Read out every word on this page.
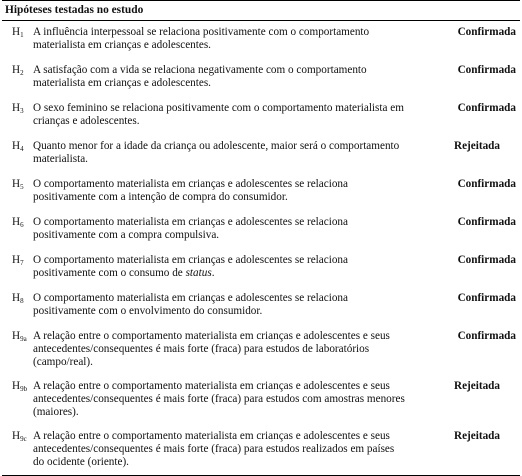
Hipóteses testadas no estudo
$H_1$ A influência interpessoal se relaciona positivamente com o comportamento materialista em crianças e adolescentes.
Confirmada
$H_2$ A satisfação com a vida se relaciona negativamente com o comportamento materialista em crianças e adolescentes.
Confirmada
$H_3$ O sexo feminino se relaciona positivamente com o comportamento materialista em crianças e adolescentes.
Confirmada
$H_4$ Quanto menor for a idade da criança ou adolescente, maior será o comportamento materialista.
Rejeitada
$H_5$ O comportamento materialista em crianças e adolescentes se relaciona positivamente com a intenção de compra do consumidor.
Confirmada
$H_6$ O comportamento materialista em crianças e adolescentes se relaciona positivamente com a compra compulsiva.
Confirmada
$H_7$ O comportamento materialista em crianças e adolescentes se relaciona positivamente com o consumo de status.
Confirmada
$H_8$ O comportamento materialista em crianças e adolescentes se relaciona positivamente com o envolvimento do consumidor.
Confirmada
$H_{9a}$ A relação entre o comportamento materialista em crianças e adolescentes e seus antecedentes/consequentes é mais forte (fraca) para estudos de laboratórios (campo/real).
Confirmada
$H_{9b}$ A relação entre o comportamento materialista em crianças e adolescentes e seus antecedentes/consequentes é mais forte (fraca) para estudos com amostras menores (maiores).
Rejeitada
$H_{9c}$ A relação entre o comportamento materialista em crianças e adolescentes e seus antecedentes/consequentes é mais forte (fraca) para estudos realizados em países do ocidente (oriente).
Rejeitada
